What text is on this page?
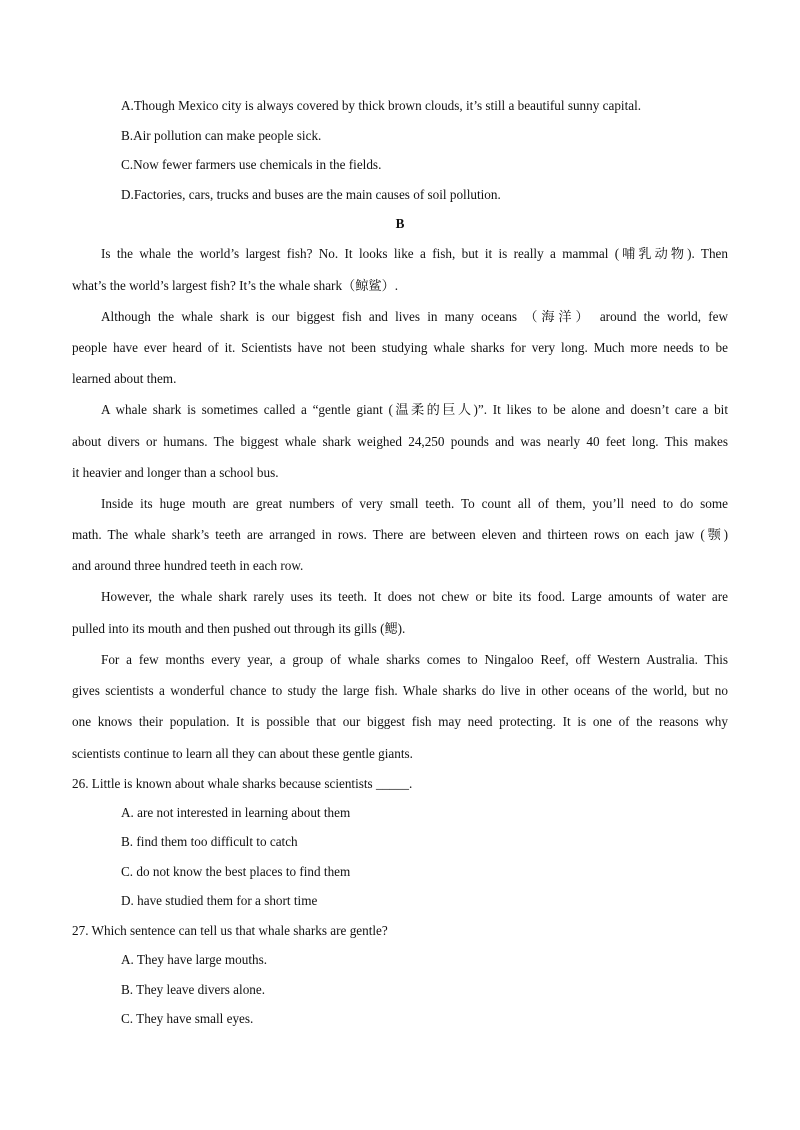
A.Though Mexico city is always covered by thick brown clouds, it’s still a beautiful sunny capital.
B.Air pollution can make people sick.
C.Now fewer farmers use chemicals in the fields.
D.Factories, cars, trucks and buses are the main causes of soil pollution.
B
Is the whale the world’s largest fish? No. It looks like a fish, but it is really a mammal (哺乳动物). Then
what’s the world’s largest fish? It’s the whale shark（鲸鲨）.
Although the whale shark is our biggest fish and lives in many oceans （海洋） around the world, few
people have ever heard of it. Scientists have not been studying whale sharks for very long. Much more needs to be
learned about them.
A whale shark is sometimes called a “gentle giant (温柔的巨人)”. It likes to be alone and doesn’t care a bit
about divers or humans. The biggest whale shark weighed 24,250 pounds and was nearly 40 feet long. This makes
it heavier and longer than a school bus.
Inside its huge mouth are great numbers of very small teeth. To count all of them, you’ll need to do some
math. The whale shark’s teeth are arranged in rows. There are between eleven and thirteen rows on each jaw (颚)
and around three hundred teeth in each row.
However, the whale shark rarely uses its teeth. It does not chew or bite its food. Large amounts of water are
pulled into its mouth and then pushed out through its gills (鳃).
For a few months every year, a group of whale sharks comes to Ningaloo Reef, off Western Australia. This
gives scientists a wonderful chance to study the large fish. Whale sharks do live in other oceans of the world, but no
one knows their population. It is possible that our biggest fish may need protecting. It is one of the reasons why
scientists continue to learn all they can about these gentle giants.
26. Little is known about whale sharks because scientists _____.
A. are not interested in learning about them
B. find them too difficult to catch
C. do not know the best places to find them
D. have studied them for a short time
27. Which sentence can tell us that whale sharks are gentle?
A. They have large mouths.
B. They leave divers alone.
C. They have small eyes.
